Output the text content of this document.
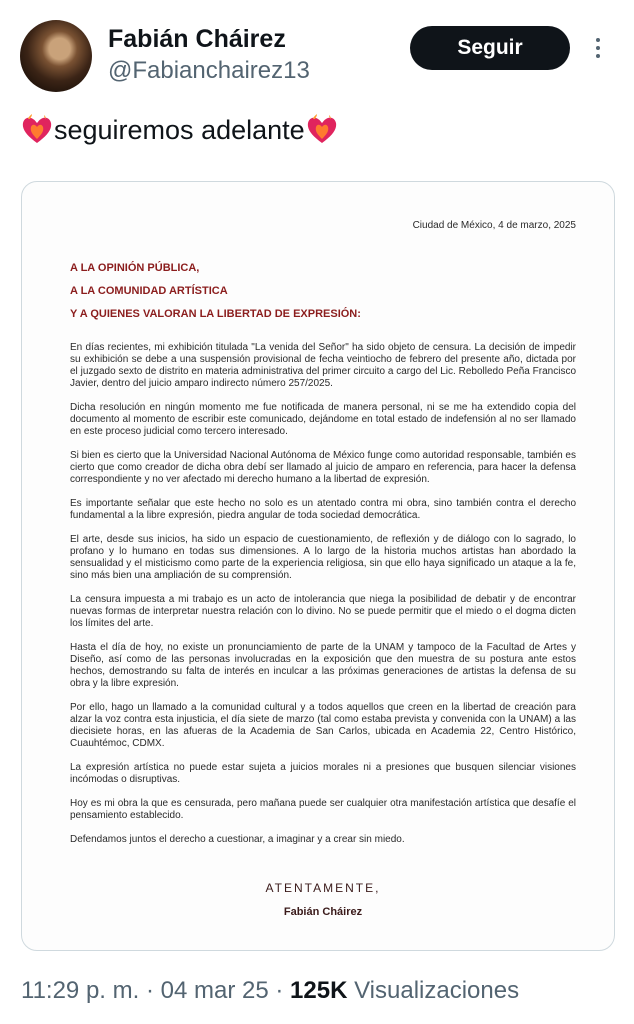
Fabián Cháirez
@Fabianchairez13
Seguir
seguiremos adelante
Ciudad de México, 4 de marzo, 2025
A LA OPINIÓN PÚBLICA,
A LA COMUNIDAD ARTÍSTICA
Y A QUIENES VALORAN LA LIBERTAD DE EXPRESIÓN:

En días recientes, mi exhibición titulada "La venida del Señor" ha sido objeto de censura. La decisión de impedir su exhibición se debe a una suspensión provisional de fecha veintiocho de febrero del presente año, dictada por el juzgado sexto de distrito en materia administrativa del primer circuito a cargo del Lic. Rebolledo Peña Francisco Javier, dentro del juicio amparo indirecto número 257/2025.

Dicha resolución en ningún momento me fue notificada de manera personal, ni se me ha extendido copia del documento al momento de escribir este comunicado, dejándome en total estado de indefensión al no ser llamado en este proceso judicial como tercero interesado.

Si bien es cierto que la Universidad Nacional Autónoma de México funge como autoridad responsable, también es cierto que como creador de dicha obra debí ser llamado al juicio de amparo en referencia, para hacer la defensa correspondiente y no ver afectado mi derecho humano a la libertad de expresión.

Es importante señalar que este hecho no solo es un atentado contra mi obra, sino también contra el derecho fundamental a la libre expresión, piedra angular de toda sociedad democrática.

El arte, desde sus inicios, ha sido un espacio de cuestionamiento, de reflexión y de diálogo con lo sagrado, lo profano y lo humano en todas sus dimensiones. A lo largo de la historia muchos artistas han abordado la sensualidad y el misticismo como parte de la experiencia religiosa, sin que ello haya significado un ataque a la fe, sino más bien una ampliación de su comprensión.

La censura impuesta a mi trabajo es un acto de intolerancia que niega la posibilidad de debatir y de encontrar nuevas formas de interpretar nuestra relación con lo divino. No se puede permitir que el miedo o el dogma dicten los límites del arte.

Hasta el día de hoy, no existe un pronunciamiento de parte de la UNAM y tampoco de la Facultad de Artes y Diseño, así como de las personas involucradas en la exposición que den muestra de su postura ante estos hechos, demostrando su falta de interés en inculcar a las próximas generaciones de artistas la defensa de su obra y la libre expresión.

Por ello, hago un llamado a la comunidad cultural y a todos aquellos que creen en la libertad de creación para alzar la voz contra esta injusticia, el día siete de marzo (tal como estaba prevista y convenida con la UNAM) a las diecisiete horas, en las afueras de la Academia de San Carlos, ubicada en Academia 22, Centro Histórico, Cuauhtémoc, CDMX.

La expresión artística no puede estar sujeta a juicios morales ni a presiones que busquen silenciar visiones incómodas o disruptivas.

Hoy es mi obra la que es censurada, pero mañana puede ser cualquier otra manifestación artística que desafíe el pensamiento establecido.

Defendamos juntos el derecho a cuestionar, a imaginar y a crear sin miedo.

ATENTAMENTE,
Fabián Cháirez
11:29 p. m. · 04 mar 25 · 125K Visualizaciones
